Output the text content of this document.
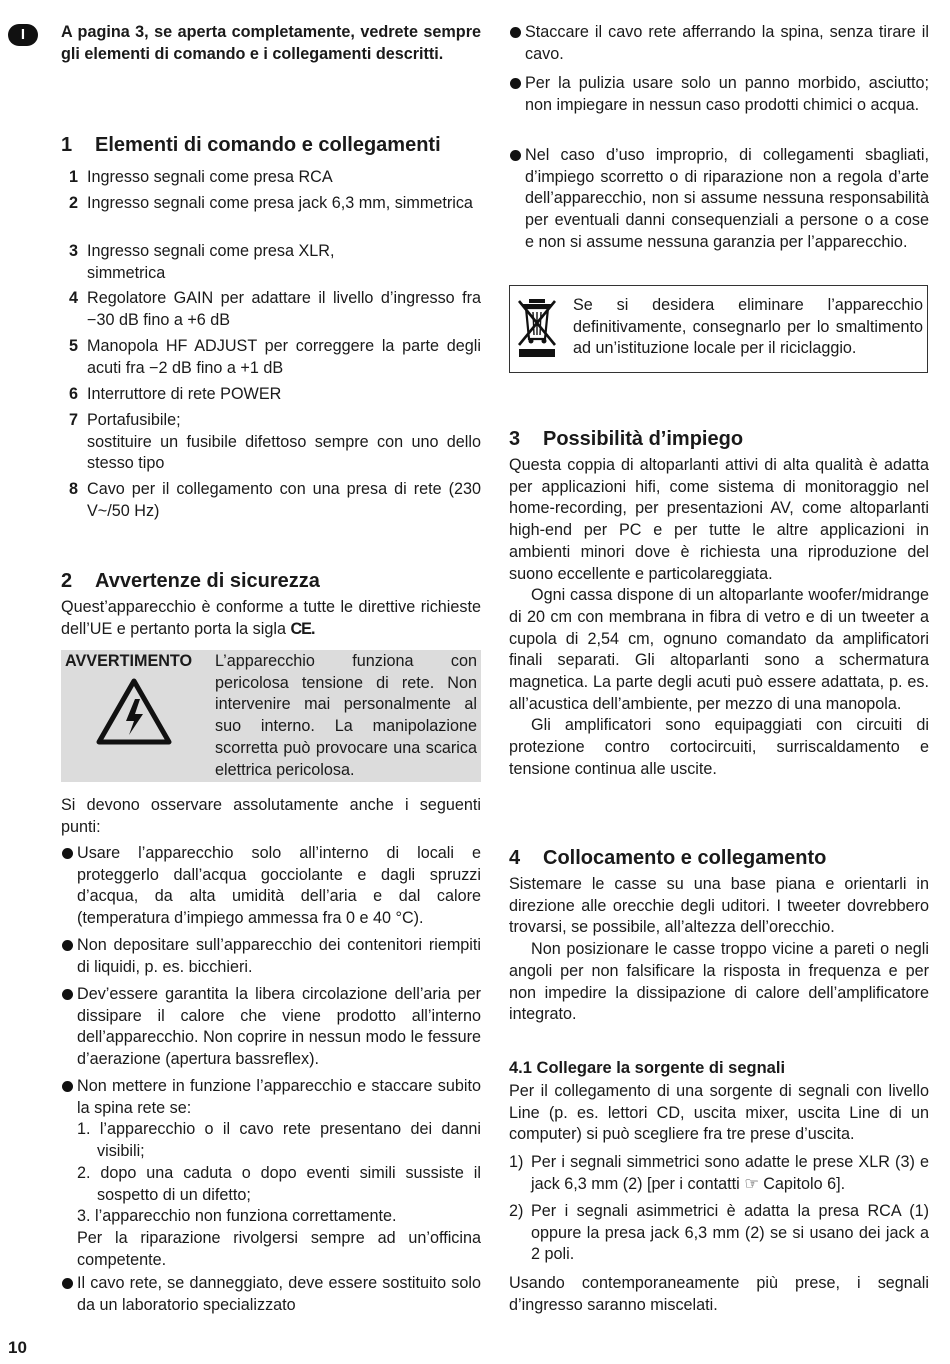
I	A pagina 3, se aperta completamente, vedrete sempre gli elementi di comando e i collegamenti descritti.
1 Elementi di comando e collegamenti
1 Ingresso segnali come presa RCA
2 Ingresso segnali come presa jack 6,3 mm, simmetrica
3 Ingresso segnali come presa XLR, simmetrica
4 Regolatore GAIN per adattare il livello d’ingresso fra −30 dB fino a +6 dB
5 Manopola HF ADJUST per correggere la parte degli acuti fra −2 dB fino a +1 dB
6 Interruttore di rete POWER
7 Portafusibile;
sostituire un fusibile difettoso sempre con uno dello stesso tipo
8 Cavo per il collegamento con una presa di rete (230 V~/50 Hz)
2 Avvertenze di sicurezza
Quest’apparecchio è conforme a tutte le direttive richieste dell’UE e pertanto porta la sigla CE.
AVVERTIMENTO L’apparecchio funziona con pericolosa tensione di rete. Non intervenire mai personalmente al suo interno. La manipolazione scorretta può provocare una scarica elettrica pericolosa.
Si devono osservare assolutamente anche i seguenti punti:
Usare l’apparecchio solo all’interno di locali e proteggerlo dall’acqua gocciolante e dagli spruzzi d’acqua, da alta umidità dell’aria e dal calore (temperatura d’impiego ammessa fra 0 e 40 °C).
Non depositare sull’apparecchio dei contenitori riempiti di liquidi, p. es. bicchieri.
Dev’essere garantita la libera circolazione dell’aria per dissipare il calore che viene prodotto all’interno dell’apparecchio. Non coprire in nessun modo le fessure d’aerazione (apertura bassreflex).
Non mettere in funzione l’apparecchio e staccare subito la spina rete se:
1. l’apparecchio o il cavo rete presentano dei danni visibili;
2. dopo una caduta o dopo eventi simili sussiste il sospetto di un difetto;
3. l’apparecchio non funziona correttamente.
Per la riparazione rivolgersi sempre ad un’officina competente.
Il cavo rete, se danneggiato, deve essere sostituito solo da un laboratorio specializzato
10
Staccare il cavo rete afferrando la spina, senza tirare il cavo.
Per la pulizia usare solo un panno morbido, asciutto; non impiegare in nessun caso prodotti chimici o acqua.
Nel caso d’uso improprio, di collegamenti sbagliati, d’impiego scorretto o di riparazione non a regola d’arte dell’apparecchio, non si assume nessuna responsabilità per eventuali danni consequenziali a persone o a cose e non si assume nessuna garanzia per l’apparecchio.
Se si desidera eliminare l’apparecchio definitivamente, consegnarlo per lo smaltimento ad un’istituzione locale per il riciclaggio.
3 Possibilità d’impiego
Questa coppia di altoparlanti attivi di alta qualità è adatta per applicazioni hifi, come sistema di monitoraggio nel home-recording, per presentazioni AV, come altoparlanti high-end per PC e per tutte le altre applicazioni in ambienti minori dove è richiesta una riproduzione del suono eccellente e particolareggiata.
Ogni cassa dispone di un altoparlante woofer/midrange di 20 cm con membrana in fibra di vetro e di un tweeter a cupola di 2,54 cm, ognuno comandato da amplificatori finali separati. Gli altoparlanti sono a schermatura magnetica. La parte degli acuti può essere adattata, p. es. all’acustica dell’ambiente, per mezzo di una manopola.
Gli amplificatori sono equipaggiati con circuiti di protezione contro cortocircuiti, surriscaldamento e tensione continua alle uscite.
4 Collocamento e collegamento
Sistemare le casse su una base piana e orientarli in direzione alle orecchie degli uditori. I tweeter dovrebbero trovarsi, se possibile, all’altezza dell’orecchio.
Non posizionare le casse troppo vicine a pareti o negli angoli per non falsificare la risposta in frequenza e per non impedire la dissipazione di calore dell’amplificatore integrato.
4.1 Collegare la sorgente di segnali
Per il collegamento di una sorgente di segnali con livello Line (p. es. lettori CD, uscita mixer, uscita Line di un computer) si può scegliere fra tre prese d’uscita.
1) Per i segnali simmetrici sono adatte le prese XLR (3) e jack 6,3 mm (2) [per i contatti ☞ Capitolo 6].
2) Per i segnali asimmetrici è adatta la presa RCA (1) oppure la presa jack 6,3 mm (2) se si usano dei jack a 2 poli.
Usando contemporaneamente più prese, i segnali d’ingresso saranno miscelati.
